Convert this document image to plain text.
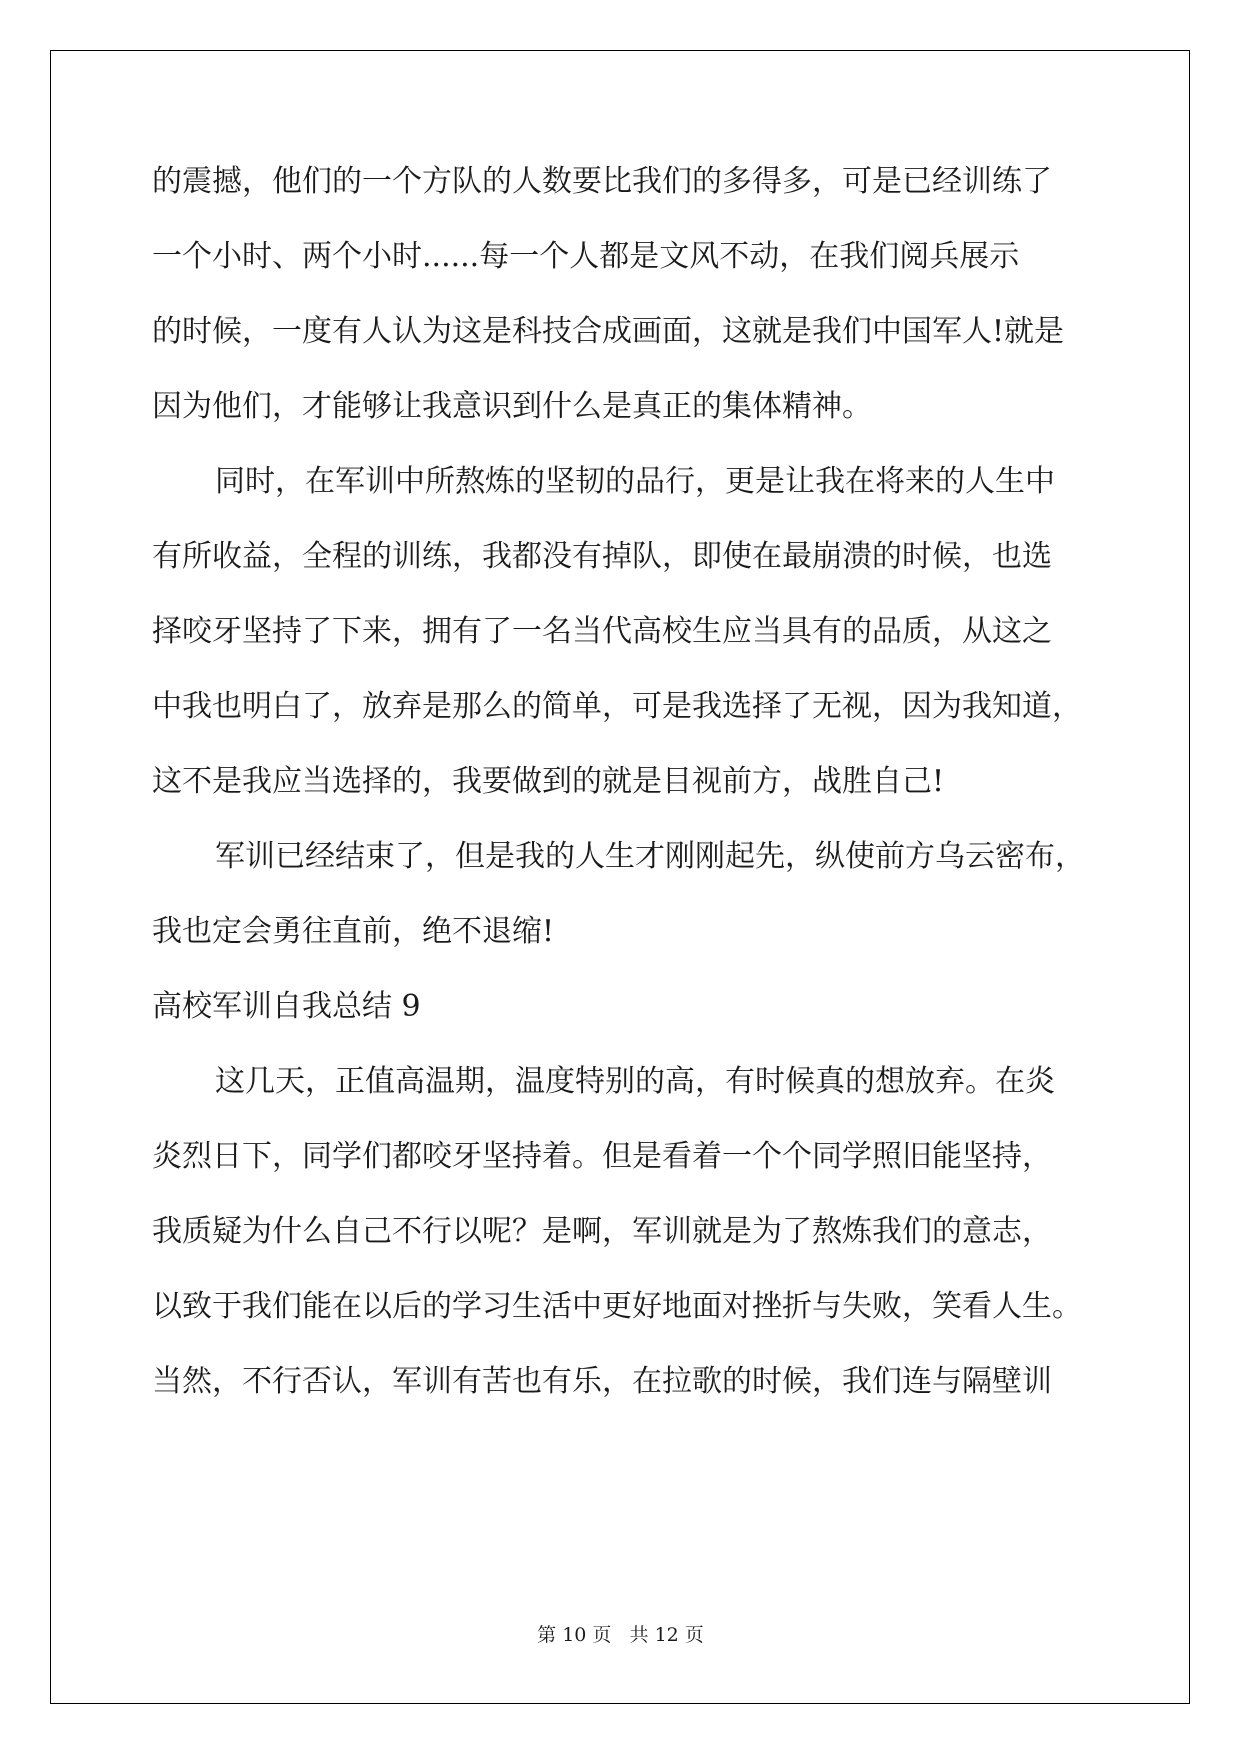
的震撼，他们的一个方队的人数要比我们的多得多，可是已经训练了
一个小时、两个小时......每一个人都是文风不动，在我们阅兵展示
的时候，一度有人认为这是科技合成画面，这就是我们中国军人!就是
因为他们，才能够让我意识到什么是真正的集体精神。
同时，在军训中所熬炼的坚韧的品行，更是让我在将来的人生中
有所收益，全程的训练，我都没有掉队，即使在最崩溃的时候，也选
择咬牙坚持了下来，拥有了一名当代高校生应当具有的品质，从这之
中我也明白了，放弃是那么的简单，可是我选择了无视，因为我知道，
这不是我应当选择的，我要做到的就是目视前方，战胜自己!
军训已经结束了，但是我的人生才刚刚起先，纵使前方乌云密布，
我也定会勇往直前，绝不退缩!
高校军训自我总结 9
这几天，正值高温期，温度特别的高，有时候真的想放弃。在炎
炎烈日下，同学们都咬牙坚持着。但是看着一个个同学照旧能坚持，
我质疑为什么自己不行以呢？是啊，军训就是为了熬炼我们的意志，
以致于我们能在以后的学习生活中更好地面对挫折与失败，笑看人生。
当然，不行否认，军训有苦也有乐，在拉歌的时候，我们连与隔壁训
第 10 页   共 12 页
